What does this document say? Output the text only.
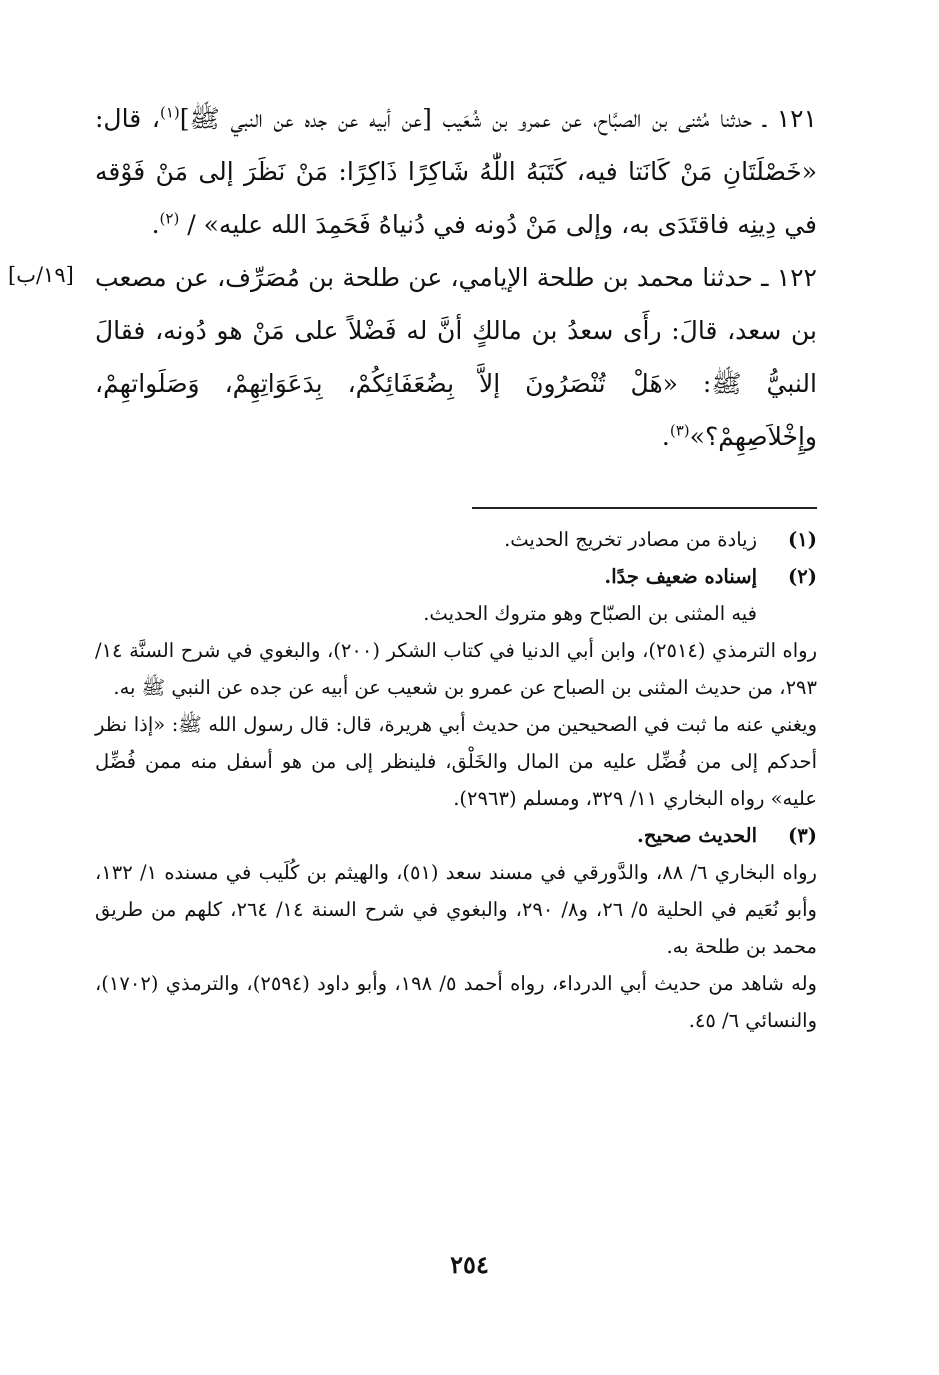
١٢١ ـ حدثنا مُثنى بن الصبَّاح، عن عمرو بن شُعَيب [عن أبيه عن جده عن النبي ﷺ]$^{(١)}$، قال: «خَصْلَتَانِ مَنْ كَانَتا فيه، كَتَبَهُ اللّٰهُ شَاكِرًا ذَاكِرًا: مَنْ نَظَرَ إلى مَنْ فَوْقه في دِينِه فاقتَدَى به، وإلى مَنْ دُونه في دُنياهُ فَحَمِدَ الله عليه» / $^{(٢)}$.

[١٩/ب] ١٢٢ ـ حدثنا محمد بن طلحة الإيامي، عن طلحة بن مُصَرِّف، عن مصعب بن سعد، قالَ: رأَى سعدُ بن مالكٍ أنَّ له فَضْلاً على مَنْ هو دُونه، فقالَ النبيُّ ﷺ: «هَلْ تُنْصَرُونَ إلاَّ بِضُعَفَائِكُمْ، بِدَعَوَاتِهِمْ، وَصَلَواتهِمْ، وإِخْلاَصِهِمْ؟»$^{(٣)}$.

(١)

زيادة من مصادر تخريج الحديث.

(٢)

إسناده ضعيف جدًا.

فيه المثنى بن الصبّاح وهو متروك الحديث.

رواه الترمذي (٢٥١٤)، وابن أبي الدنيا في كتاب الشكر (٢٠٠)، والبغوي في شرح السنَّة ١٤/ ٢٩٣، من حديث المثنى بن الصباح عن عمرو بن شعيب عن أبيه عن جده عن النبي ﷺ به.

ويغني عنه ما ثبت في الصحيحين من حديث أبي هريرة، قال: قال رسول الله ﷺ: «إذا نظر أحدكم إلى من فُضِّل عليه من المال والخَلْق، فلينظر إلى من هو أسفل منه ممن فُضِّل عليه» رواه البخاري ١١/ ٣٢٩، ومسلم (٢٩٦٣).

(٣)

الحديث صحيح.

رواه البخاري ٦/ ٨٨، والدَّورقي في مسند سعد (٥١)، والهيثم بن كُلَيب في مسنده ١/ ١٣٢، وأبو نُعَيم في الحلية ٥/ ٢٦، و٨/ ٢٩٠، والبغوي في شرح السنة ١٤/ ٢٦٤، كلهم من طريق محمد بن طلحة به.

وله شاهد من حديث أبي الدرداء، رواه أحمد ٥/ ١٩٨، وأبو داود (٢٥٩٤)، والترمذي (١٧٠٢)، والنسائي ٦/ ٤٥.

٢٥٤
